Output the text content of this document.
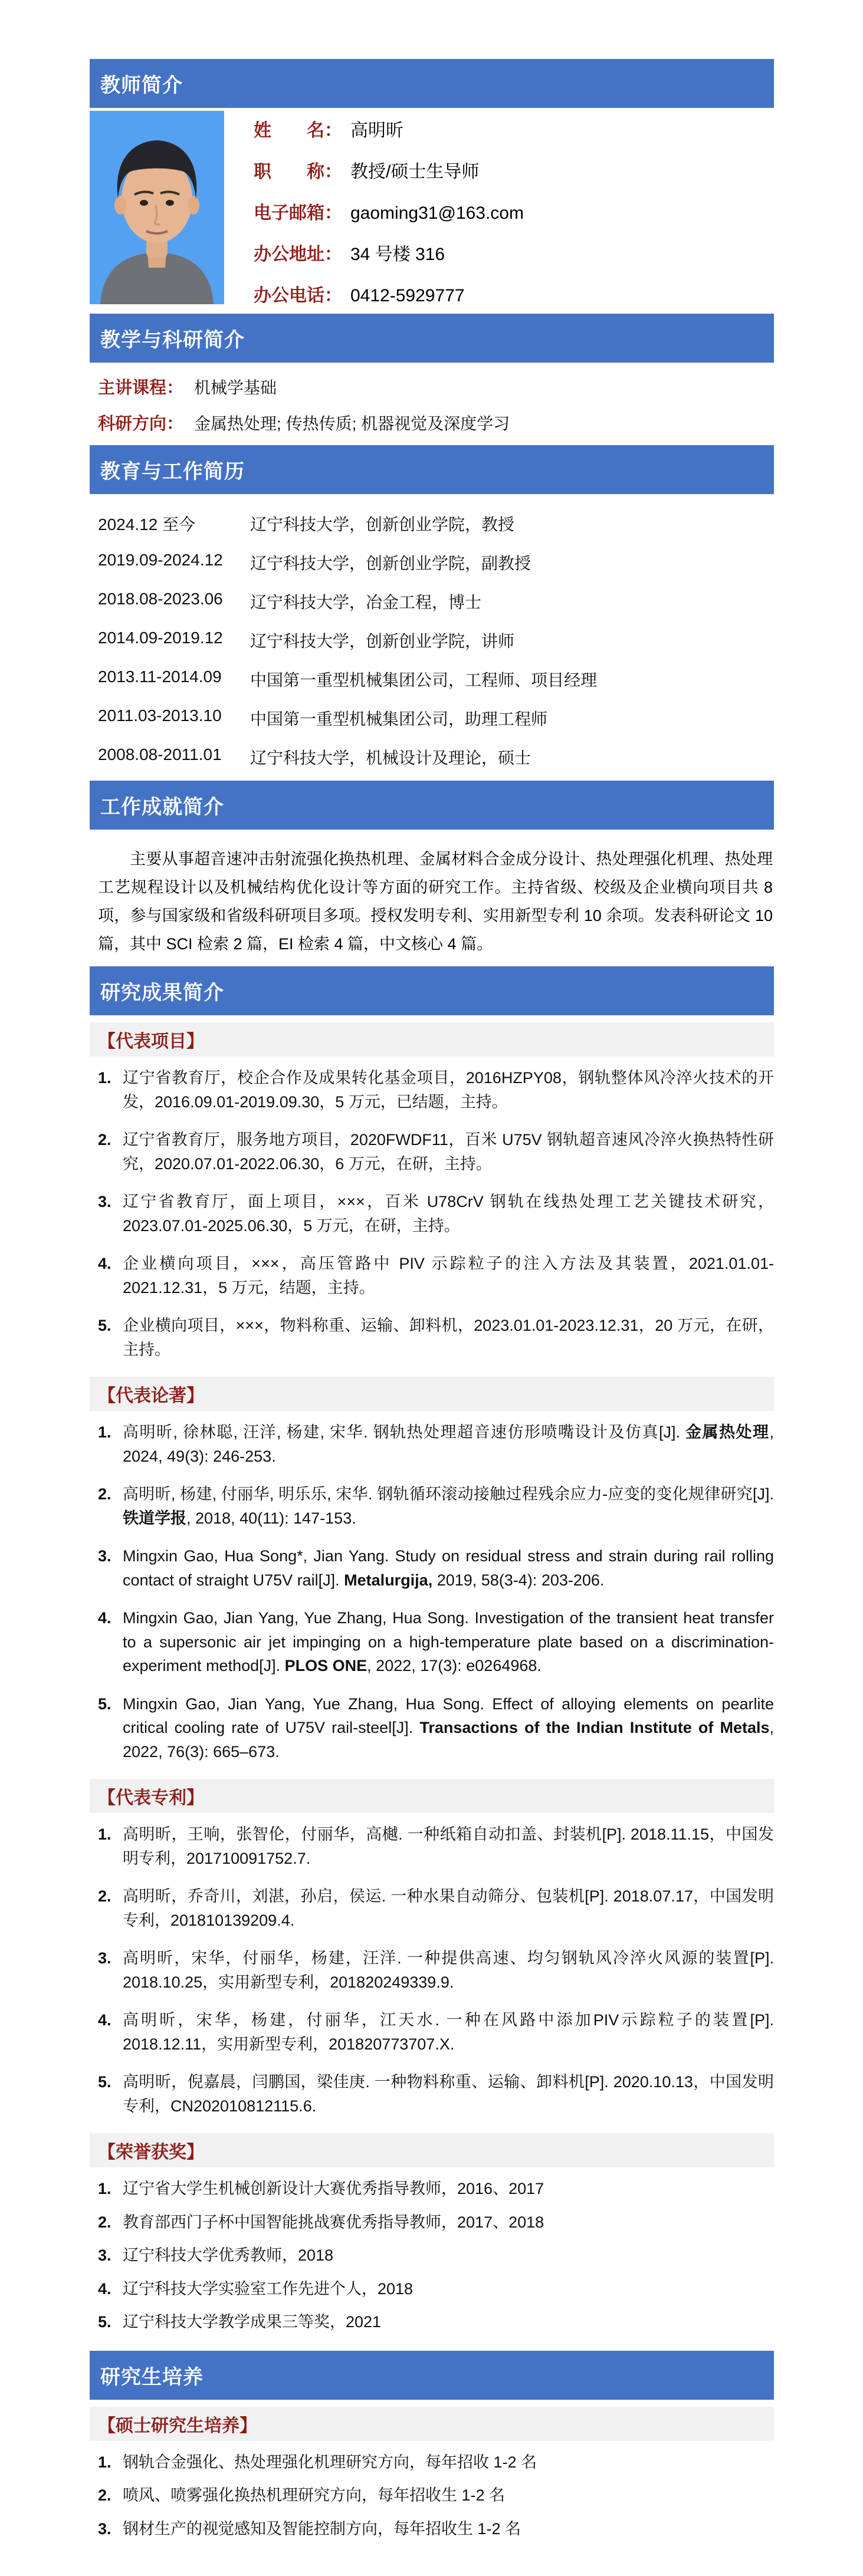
教师简介
姓　　名： 高明昕
职　　称： 教授/硕士生导师
电子邮箱： gaoming31@163.com
办公地址： 34 号楼 316
办公电话： 0412-5929777
教学与科研简介
主讲课程： 机械学基础
科研方向： 金属热处理; 传热传质; 机器视觉及深度学习
教育与工作简历
2024.12 至今	辽宁科技大学，创新创业学院，教授
2019.09-2024.12	辽宁科技大学，创新创业学院，副教授
2018.08-2023.06	辽宁科技大学，冶金工程，博士
2014.09-2019.12	辽宁科技大学，创新创业学院，讲师
2013.11-2014.09	中国第一重型机械集团公司，工程师、项目经理
2011.03-2013.10	中国第一重型机械集团公司，助理工程师
2008.08-2011.01	辽宁科技大学，机械设计及理论，硕士
工作成就简介

主要从事超音速冲击射流强化换热机理、金属材料合金成分设计、热处理强化机理、热处理工艺规程设计以及机械结构优化设计等方面的研究工作。主持省级、校级及企业横向项目共 8 项，参与国家级和省级科研项目多项。授权发明专利、实用新型专利 10 余项。发表科研论文 10 篇，其中 SCI 检索 2 篇，EI 检索 4 篇，中文核心 4 篇。

研究成果简介
【代表项目】
1. 辽宁省教育厅，校企合作及成果转化基金项目，2016HZPY08，钢轨整体风冷淬火技术的开发，2016.09.01-2019.09.30，5 万元，已结题，主持。

2. 辽宁省教育厅，服务地方项目，2020FWDF11，百米 U75V 钢轨超音速风冷淬火换热特性研究，2020.07.01-2022.06.30，6 万元，在研，主持。

3. 辽宁省教育厅，面上项目，×××，百米 U78CrV 钢轨在线热处理工艺关键技术研究，2023.07.01-2025.06.30，5 万元，在研，主持。

4. 企业横向项目，×××，高压管路中 PIV 示踪粒子的注入方法及其装置，2021.01.01-2021.12.31，5 万元，结题，主持。

5. 企业横向项目，×××，物料称重、运输、卸料机，2023.01.01-2023.12.31，20 万元，在研，主持。

【代表论著】
1. 高明昕, 徐林聪, 汪洋, 杨建, 宋华. 钢轨热处理超音速仿形喷嘴设计及仿真[J]. 金属热处理, 2024, 49(3): 246-253.

2. 高明昕, 杨建, 付丽华, 明乐乐, 宋华. 钢轨循环滚动接触过程残余应力-应变的变化规律研究[J]. 铁道学报, 2018, 40(11): 147-153.

3. Mingxin Gao, Hua Song*, Jian Yang. Study on residual stress and strain during rail rolling contact of straight U75V rail[J]. Metalurgija, 2019, 58(3-4): 203-206.

4. Mingxin Gao, Jian Yang, Yue Zhang, Hua Song. Investigation of the transient heat transfer to a supersonic air jet impinging on a high-temperature plate based on a discrimination-experiment method[J]. PLOS ONE, 2022, 17(3): e0264968.

5. Mingxin Gao, Jian Yang, Yue Zhang, Hua Song. Effect of alloying elements on pearlite critical cooling rate of U75V rail-steel[J]. Transactions of the Indian Institute of Metals, 2022, 76(3): 665–673.

【代表专利】
1. 高明昕，王响，张智伦，付丽华，高樾. 一种纸箱自动扣盖、封装机[P]. 2018.11.15，中国发明专利，201710091752.7.

2. 高明昕，乔奇川，刘湛，孙启，侯运. 一种水果自动筛分、包装机[P]. 2018.07.17，中国发明专利，201810139209.4.

3. 高明昕，宋华，付丽华，杨建，汪洋. 一种提供高速、均匀钢轨风冷淬火风源的装置[P]. 2018.10.25，实用新型专利，201820249339.9.

4. 高明昕，宋华，杨建，付丽华，江天水. 一种在风路中添加PIV示踪粒子的装置[P]. 2018.12.11，实用新型专利，201820773707.X.

5. 高明昕，倪嘉晨，闫鹏国，梁佳庚. 一种物料称重、运输、卸料机[P]. 2020.10.13，中国发明专利，CN202010812115.6.

【荣誉获奖】
1. 辽宁省大学生机械创新设计大赛优秀指导教师，2016、2017

2. 教育部西门子杯中国智能挑战赛优秀指导教师，2017、2018

3. 辽宁科技大学优秀教师，2018

4. 辽宁科技大学实验室工作先进个人，2018

5. 辽宁科技大学教学成果三等奖，2021

研究生培养
【硕士研究生培养】
1. 钢轨合金强化、热处理强化机理研究方向，每年招收 1-2 名

2. 喷风、喷雾强化换热机理研究方向，每年招收生 1-2 名

3. 钢材生产的视觉感知及智能控制方向，每年招收生 1-2 名
